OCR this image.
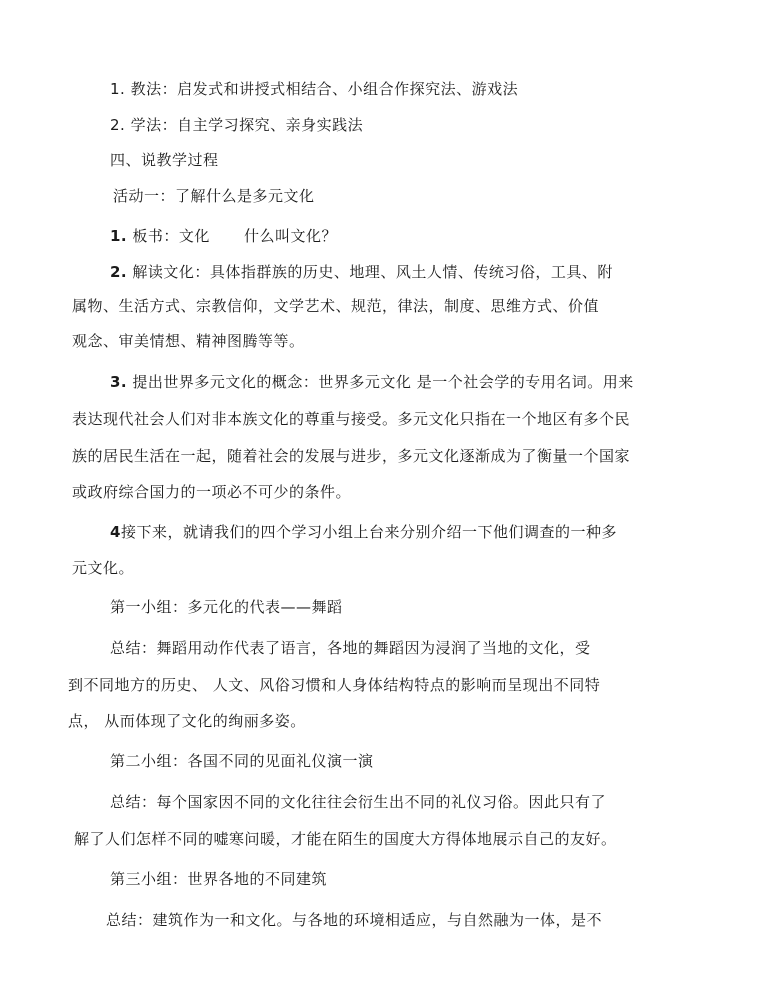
1. 教法：启发式和讲授式相结合、小组合作探究法、游戏法
2. 学法：自主学习探究、亲身实践法
四、说教学过程
活动一：了解什么是多元文化
1. 板书：文化 什么叫文化？
2. 解读文化：具体指群族的历史、地理、风土人情、传统习俗，工具、附
属物、生活方式、宗教信仰，文学艺术、规范，律法，制度、思维方式、价值
观念、审美情想、精神图腾等等。
3. 提出世界多元文化的概念：世界多元文化 是一个社会学的专用名词。用来
表达现代社会人们对非本族文化的尊重与接受。多元文化只指在一个地区有多个民
族的居民生活在一起，随着社会的发展与进步，多元文化逐渐成为了衡量一个国家
或政府综合国力的一项必不可少的条件。
4接下来，就请我们的四个学习小组上台来分别介绍一下他们调查的一种多
元文化。
第一小组：多元化的代表——舞蹈
总结：舞蹈用动作代表了语言，各地的舞蹈因为浸润了当地的文化，受
到不同地方的历史、 人文、风俗习惯和人身体结构特点的影响而呈现出不同特
点， 从而体现了文化的绚丽多姿。
第二小组：各国不同的见面礼仪演一演
总结：每个国家因不同的文化往往会衍生出不同的礼仪习俗。因此只有了
解了人们怎样不同的嘘寒问暖，才能在陌生的国度大方得体地展示自己的友好。
第三小组：世界各地的不同建筑
总结：建筑作为一和文化。与各地的环境相适应，与自然融为一体，是不
